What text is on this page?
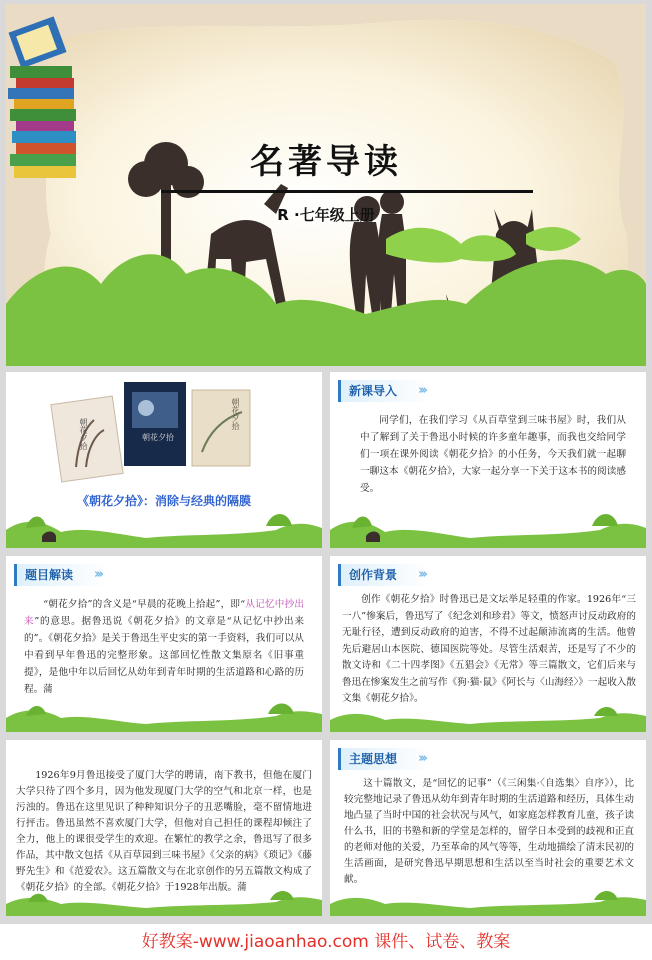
名著导读
R ·七年级上册
朝花夕拾	朝花夕拾
朝花夕拾
《朝花夕拾》：消除与经典的隔膜
新课导入 ›››
同学们，在我们学习《从百草堂到三味书屋》时，我们从中了解到了关于鲁迅小时候的许多童年趣事，而我也交给同学们一项在课外阅读《朝花夕拾》的小任务，今天我们就一起聊一聊这本《朝花夕拾》，大家一起分享一下关于这本书的阅读感受。
题目解读 ›››
“朝花夕拾”的含义是“早晨的花晚上拾起”，即“从记忆中抄出来”的意思。据鲁迅说《朝花夕拾》的文章是“从记忆中抄出来的”。《朝花夕拾》是关于鲁迅生平史实的第一手资料，我们可以从中看到早年鲁迅的完整形象。这部回忆性散文集原名《旧事重提》，是他中年以后回忆从幼年到青年时期的生活道路和心路的历程。蒲
创作背景 ›››
创作《朝花夕拾》时鲁迅已是文坛举足轻重的作家。1926年“三一八”惨案后，鲁迅写了《纪念刘和珍君》等文，愤怒声讨反动政府的无耻行径，遭到反动政府的迫害，不得不过起颠沛流离的生活。他曾先后避居山本医院、德国医院等处。尽管生活艰苦，还是写了不少的散文诗和《二十四孝图》《五猖会》《无常》等三篇散文，它们后来与鲁迅在惨案发生之前写作《狗·猫·鼠》《阿长与〈山海经〉》一起收入散文集《朝花夕拾》。
1926年9月鲁迅接受了厦门大学的聘请，南下教书，但他在厦门大学只待了四个多月，因为他发现厦门大学的空气和北京一样，也是污浊的。鲁迅在这里见识了种种知识分子的丑恶嘴脸，毫不留情地进行抨击。鲁迅虽然不喜欢厦门大学，但他对自己担任的课程却倾注了全力，他上的课很受学生的欢迎。在繁忙的教学之余，鲁迅写了很多作品，其中散文包括《从百草园到三味书屋》《父亲的病》《琐记》《藤野先生》和《范爱农》。这五篇散文与在北京创作的另五篇散文构成了《朝花夕拾》的全部。《朝花夕拾》于1928年出版。蒲
主题思想 ›››
这十篇散文，是“回忆的记事”（《三闲集·〈自选集〉自序》），比较完整地记录了鲁迅从幼年到青年时期的生活道路和经历，具体生动地凸显了当时中国的社会状况与风气，如家庭怎样教育儿童，孩子读什么书，旧的书塾和新的学堂是怎样的，留学日本受到的歧视和正直的老师对他的关爱，乃至革命的风气等等，生动地描绘了清末民初的生活画面，是研究鲁迅早期思想和生活以至当时社会的重要艺术文献。
好教案-www.jiaoanhao.com 课件、试卷、教案
